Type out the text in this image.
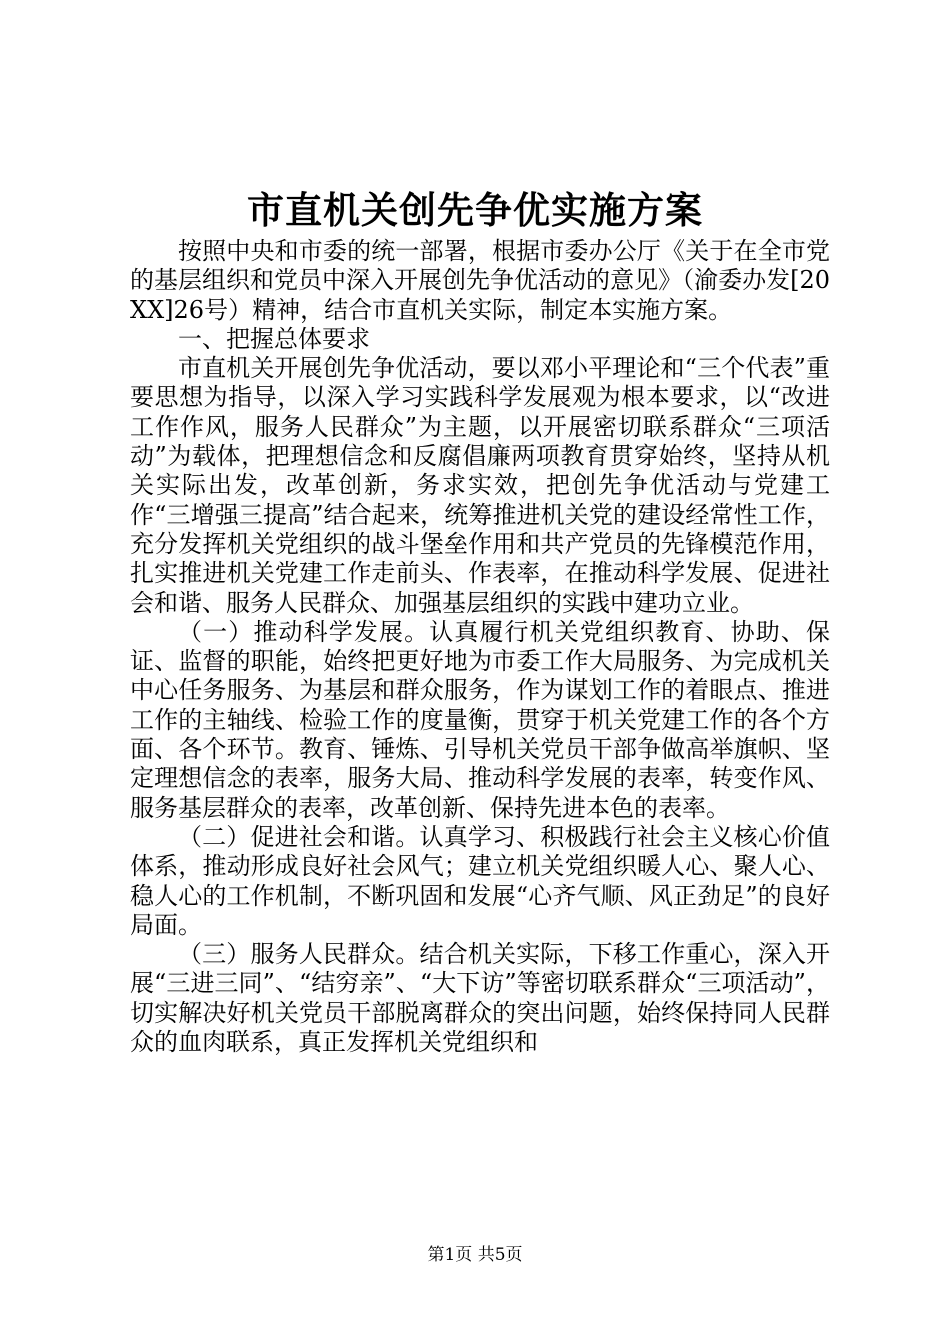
市直机关创先争优实施方案

按照中央和市委的统一部署，根据市委办公厅《关于在全市党的基层组织和党员中深入开展创先争优活动的意见》（渝委办发[20XX]26号）精神，结合市直机关实际，制定本实施方案。

一、把握总体要求

市直机关开展创先争优活动，要以邓小平理论和“三个代表”重要思想为指导，以深入学习实践科学发展观为根本要求，以“改进工作作风，服务人民群众”为主题，以开展密切联系群众“三项活动”为载体，把理想信念和反腐倡廉两项教育贯穿始终，坚持从机关实际出发，改革创新，务求实效，把创先争优活动与党建工作“三增强三提高”结合起来，统筹推进机关党的建设经常性工作，充分发挥机关党组织的战斗堡垒作用和共产党员的先锋模范作用，扎实推进机关党建工作走前头、作表率，在推动科学发展、促进社会和谐、服务人民群众、加强基层组织的实践中建功立业。

（一）推动科学发展。认真履行机关党组织教育、协助、保证、监督的职能，始终把更好地为市委工作大局服务、为完成机关中心任务服务、为基层和群众服务，作为谋划工作的着眼点、推进工作的主轴线、检验工作的度量衡，贯穿于机关党建工作的各个方面、各个环节。教育、锤炼、引导机关党员干部争做高举旗帜、坚定理想信念的表率，服务大局、推动科学发展的表率，转变作风、服务基层群众的表率，改革创新、保持先进本色的表率。

（二）促进社会和谐。认真学习、积极践行社会主义核心价值体系，推动形成良好社会风气；建立机关党组织暖人心、聚人心、稳人心的工作机制，不断巩固和发展“心齐气顺、风正劲足”的良好局面。

（三）服务人民群众。结合机关实际，下移工作重心，深入开展“三进三同”、“结穷亲”、“大下访”等密切联系群众“三项活动”，切实解决好机关党员干部脱离群众的突出问题，始终保持同人民群众的血肉联系，真正发挥机关党组织和

第1页 共5页
